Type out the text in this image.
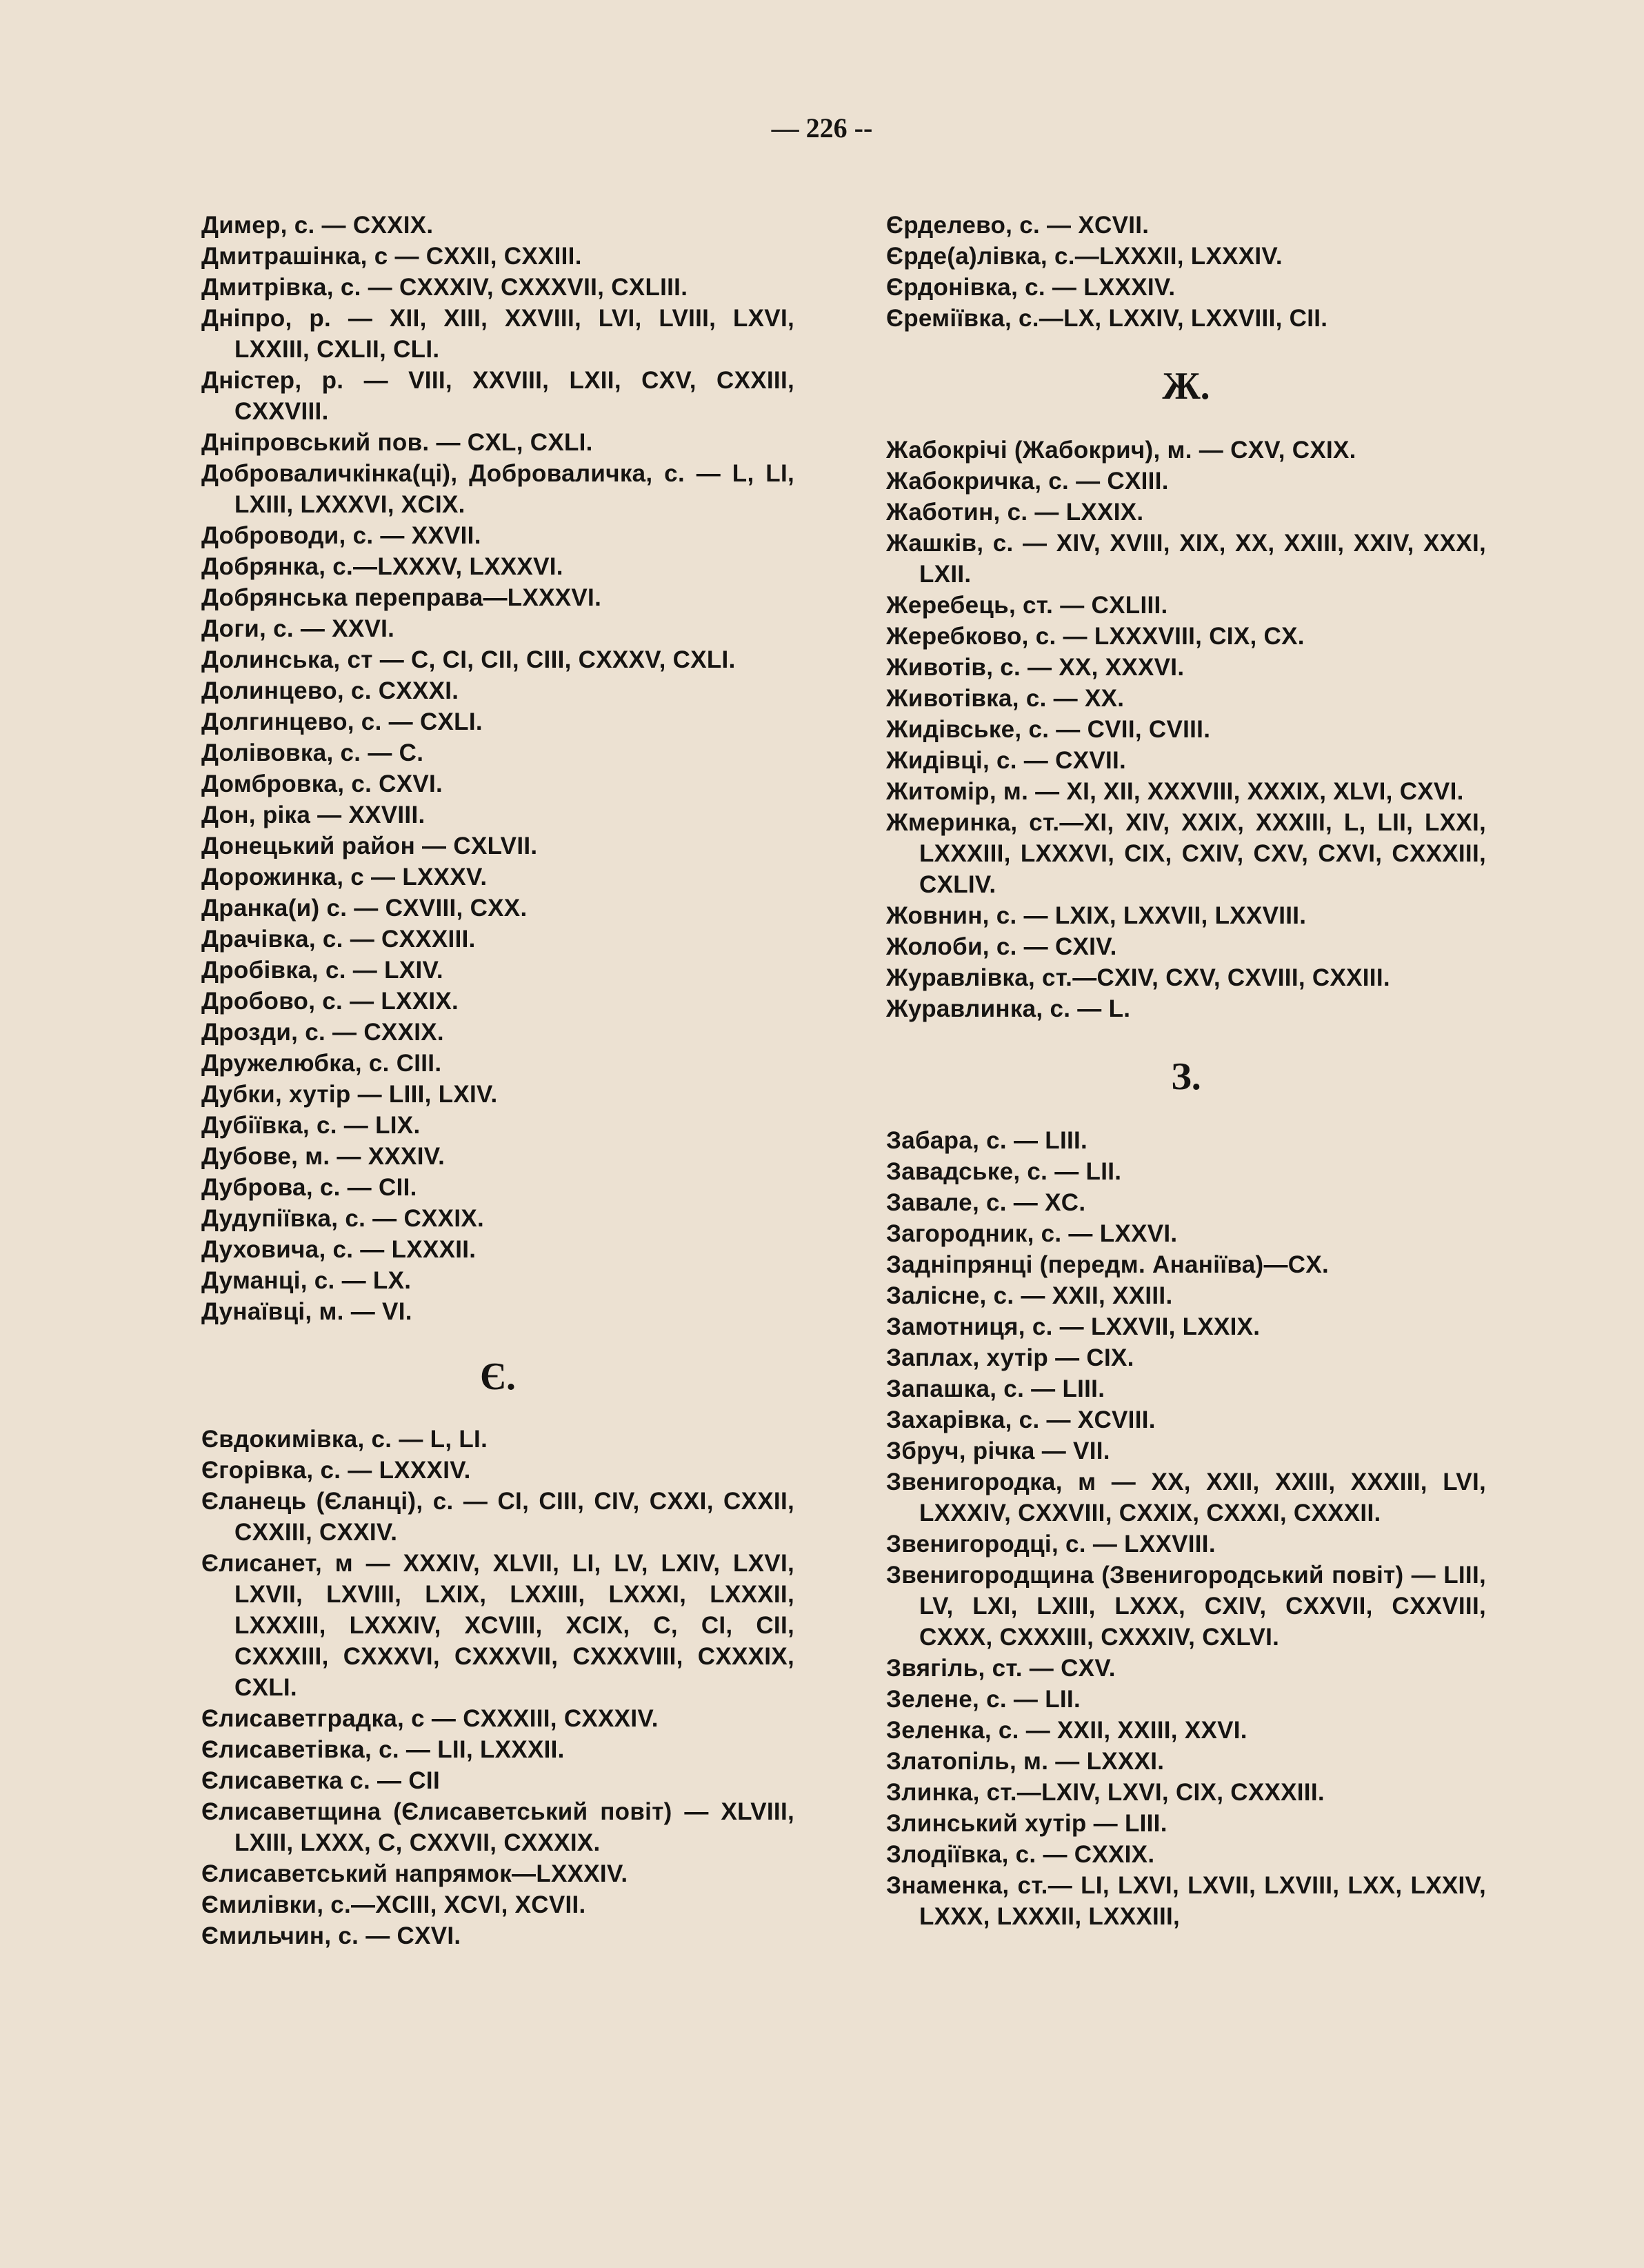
— 226 --
Димер, с. — CXXIX.
Дмитрашінка, с — CXXII, CXXIII.
Дмитрівка, с. — CXXXIV, CXXXVII, CXLIII.
Дніпро, р. — XII, XIII, XXVIII, LVI, LVIII, LXVI, LXXIII, CXLII, CLI.
Дністер, р. — VIII, XXVIII, LXII, CXV, CXXIII, CXXVIII.
Дніпровський пов. — CXL, CXLI.
Доброваличкінка(ці), Доброваличка, с. — L, LI, LXIII, LXXXVI, XCIX.
Доброводи, с. — XXVII.
Добрянка, с.—LXXXV, LXXXVI.
Добрянська переправа—LXXXVI.
Доги, с. — XXVI.
Долинська, ст — C, CI, CII, CIII, CXXXV, CXLI.
Долинцево, с. CXXXI.
Долгинцево, с. — CXLI.
Долівовка, с. — C.
Домбровка, с. CXVI.
Дон, ріка — XXVIII.
Донецький район — CXLVII.
Дорожинка, с — LXXXV.
Дранка(и) с. — CXVIII, CXX.
Драчівка, с. — CXXXIII.
Дробівка, с. — LXIV.
Дробово, с. — LXXIX.
Дрозди, с. — CXXIX.
Дружелюбка, с. CIII.
Дубки, хутір — LIII, LXIV.
Дубіївка, с. — LIX.
Дубове, м. — XXXIV.
Дуброва, с. — CII.
Дудупіївка, с. — CXXIX.
Духовича, с. — LXXXII.
Думанці, с. — LX.
Дунаївці, м. — VI.
Є.
Євдокимівка, с. — L, LI.
Єгорівка, с. — LXXXIV.
Єланець (Єланці), с. — CI, CIII, CIV, CXXI, CXXII, CXXIII, CXXIV.
Єлисанет, м — XXXIV, XLVII, LI, LV, LXIV, LXVI, LXVII, LXVIII, LXIX, LXXIII, LXXXI, LXXXII, LXXXIII, LXXXIV, XCVIII, XCIX, C, CI, CII, CXXXIII, CXXXVI, CXXXVII, CXXXVIII, CXXXIX, CXLI.
Єлисаветградка, с — CXXXIII, CXXXIV.
Єлисаветівка, с. — LII, LXXXII.
Єлисаветка с. — CII
Єлисаветщина (Єлисаветський повіт) — XLVIII, LXIII, LXXX, C, CXXVII, CXXXIX.
Єлисаветський напрямок—LXXXIV.
Ємилівки, с.—XCIII, XCVI, XCVII.
Ємильчин, с. — CXVI.
Єрделево, с. — XCVII.
Єрде(а)лівка, с.—LXXXII, LXXXIV.
Єрдонівка, с. — LXXXIV.
Єреміївка, с.—LX, LXXIV, LXXVIII, CII.
Ж.
Жабокрічі (Жабокрич), м. — CXV, CXIX.
Жабокричка, с. — CXIII.
Жаботин, с. — LXXIX.
Жашків, с. — XIV, XVIII, XIX, XX, XXIII, XXIV, XXXI, LXII.
Жеребець, ст. — CXLIII.
Жеребково, с. — LXXXVIII, CIX, CX.
Животів, с. — XX, XXXVI.
Животівка, с. — XX.
Жидівське, с. — CVII, CVIII.
Жидівці, с. — CXVII.
Житомір, м. — XI, XII, XXXVIII, XXXIX, XLVI, CXVI.
Жмеринка, ст.—XI, XIV, XXIX, XXXIII, L, LII, LXXI, LXXXIII, LXXXVI, CIX, CXIV, CXV, CXVI, CXXXIII, CXLIV.
Жовнин, с. — LXIX, LXXVII, LXXVIII.
Жолоби, с. — CXIV.
Журавлівка, ст.—CXIV, CXV, CXVIII, CXXIII.
Журавлинка, с. — L.
З.
Забара, с. — LIII.
Завадське, с. — LII.
Завале, с. — XC.
Загородник, с. — LXXVI.
Задніпрянці (передм. Ананіїва)—CX.
Залісне, с. — XXII, XXIII.
Замотниця, с. — LXXVII, LXXIX.
Заплах, хутір — CIX.
Запашка, с. — LIII.
Захарівка, с. — XCVIII.
Збруч, річка — VII.
Звенигородка, м — XX, XXII, XXIII, XXXIII, LVI, LXXXIV, CXXVIII, CXXIX, CXXXI, CXXXII.
Звенигородці, с. — LXXVIII.
Звенигородщина (Звенигородський повіт) — LIII, LV, LXI, LXIII, LXXX, CXIV, CXXVII, CXXVIII, CXXX, CXXXIII, CXXXIV, CXLVI.
Звягіль, ст. — CXV.
Зелене, с. — LII.
Зеленка, с. — XXII, XXIII, XXVI.
Златопіль, м. — LXXXI.
Злинка, ст.—LXIV, LXVI, CIX, CXXXIII.
Злинський хутір — LIII.
Злодіївка, с. — CXXIX.
Знаменка, ст.— LI, LXVI, LXVII, LXVIII, LXX, LXXIV, LXXX, LXXXII, LXXXIII,
